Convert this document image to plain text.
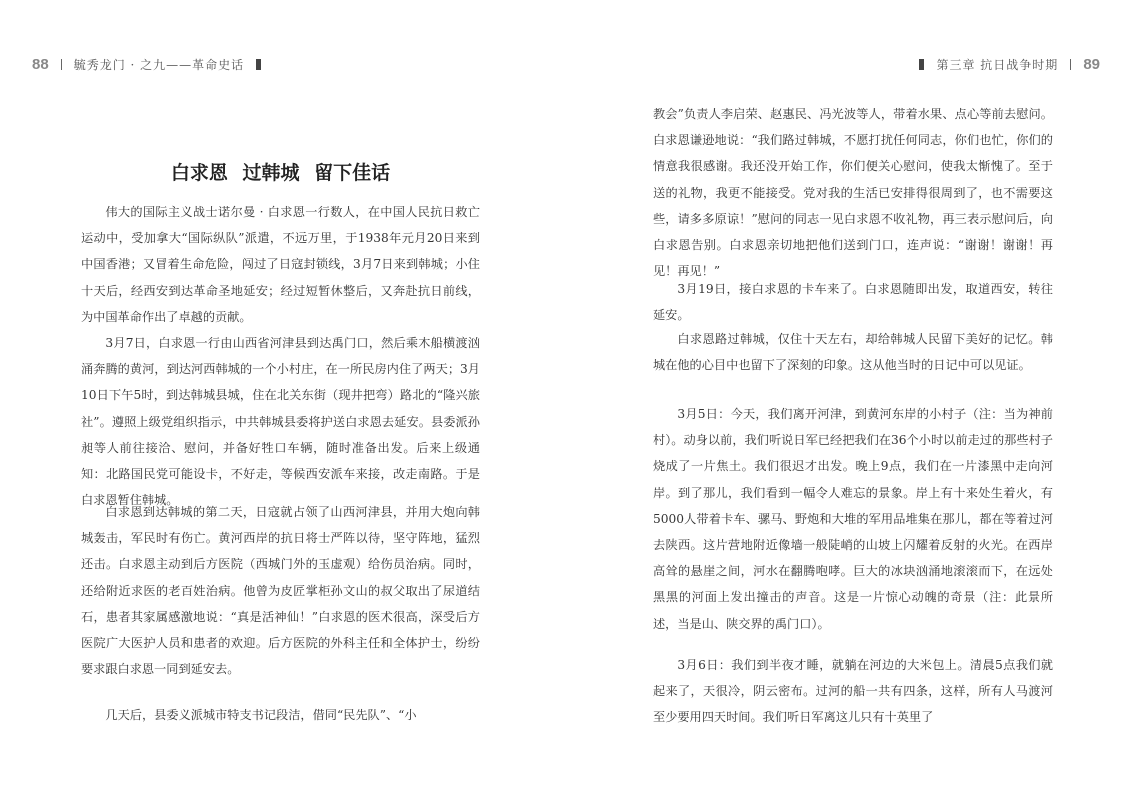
88 毓秀龙门 · 之九——革命史话	第三章 抗日战争时期 89
白求恩 过韩城 留下佳话

伟大的国际主义战士诺尔曼 · 白求恩一行数人，在中国人民抗日救亡运动中，受加拿大“国际纵队”派遣，不远万里，于1938年元月20日来到中国香港；又冒着生命危险，闯过了日寇封锁线，3月7日来到韩城；小住十天后，经西安到达革命圣地延安；经过短暂休整后，又奔赴抗日前线，为中国革命作出了卓越的贡献。

3月7日，白求恩一行由山西省河津县到达禹门口，然后乘木船横渡汹涌奔腾的黄河，到达河西韩城的一个小村庄，在一所民房内住了两天；3月10日下午5时，到达韩城县城，住在北关东街（现井把弯）路北的“隆兴旅社”。遵照上级党组织指示，中共韩城县委将护送白求恩去延安。县委派孙昶等人前往接洽、慰问，并备好牲口车辆，随时准备出发。后来上级通知：北路国民党可能设卡，不好走，等候西安派车来接，改走南路。于是白求恩暂住韩城。

白求恩到达韩城的第二天，日寇就占领了山西河津县，并用大炮向韩城轰击，军民时有伤亡。黄河西岸的抗日将士严阵以待，坚守阵地，猛烈还击。白求恩主动到后方医院（西城门外的玉虚观）给伤员治病。同时，还给附近求医的老百姓治病。他曾为皮匠掌柜孙文山的叔父取出了尿道结石，患者其家属感激地说：“真是活神仙！”白求恩的医术很高，深受后方医院广大医护人员和患者的欢迎。后方医院的外科主任和全体护士，纷纷要求跟白求恩一同到延安去。

几天后，县委义派城市特支书记段洁，借同“民先队”、“小

教会”负责人李启荣、赵惠民、冯光波等人，带着水果、点心等前去慰问。白求恩谦逊地说：“我们路过韩城，不愿打扰任何同志，你们也忙，你们的情意我很感谢。我还没开始工作，你们便关心慰问，使我太惭愧了。至于送的礼物，我更不能接受。党对我的生活已安排得很周到了，也不需要这些，请多多原谅！”慰问的同志一见白求恩不收礼物，再三表示慰问后，向白求恩告别。白求恩亲切地把他们送到门口，连声说：“谢谢！谢谢！再见！再见！”

3月19日，接白求恩的卡车来了。白求恩随即出发，取道西安，转往延安。

白求恩路过韩城，仅住十天左右，却给韩城人民留下美好的记忆。韩城在他的心目中也留下了深刻的印象。这从他当时的日记中可以见证。

3月5日：今天，我们离开河津，到黄河东岸的小村子（注：当为神前村）。动身以前，我们听说日军已经把我们在36个小时以前走过的那些村子烧成了一片焦土。我们很迟才出发。晚上9点，我们在一片漆黑中走向河岸。到了那儿，我们看到一幅令人难忘的景象。岸上有十来处生着火，有5000人带着卡车、骡马、野炮和大堆的军用品堆集在那儿，都在等着过河去陕西。这片营地附近像墙一般陡峭的山坡上闪耀着反射的火光。在西岸高耸的悬崖之间，河水在翻腾咆哮。巨大的冰块汹涌地滚滚而下，在远处黑黑的河面上发出撞击的声音。这是一片惊心动魄的奇景（注：此景所述，当是山、陕交界的禹门口）。

3月6日：我们到半夜才睡，就躺在河边的大米包上。清晨5点我们就起来了，天很冷，阴云密布。过河的船一共有四条，这样，所有人马渡河至少要用四天时间。我们听日军离这儿只有十英里了
